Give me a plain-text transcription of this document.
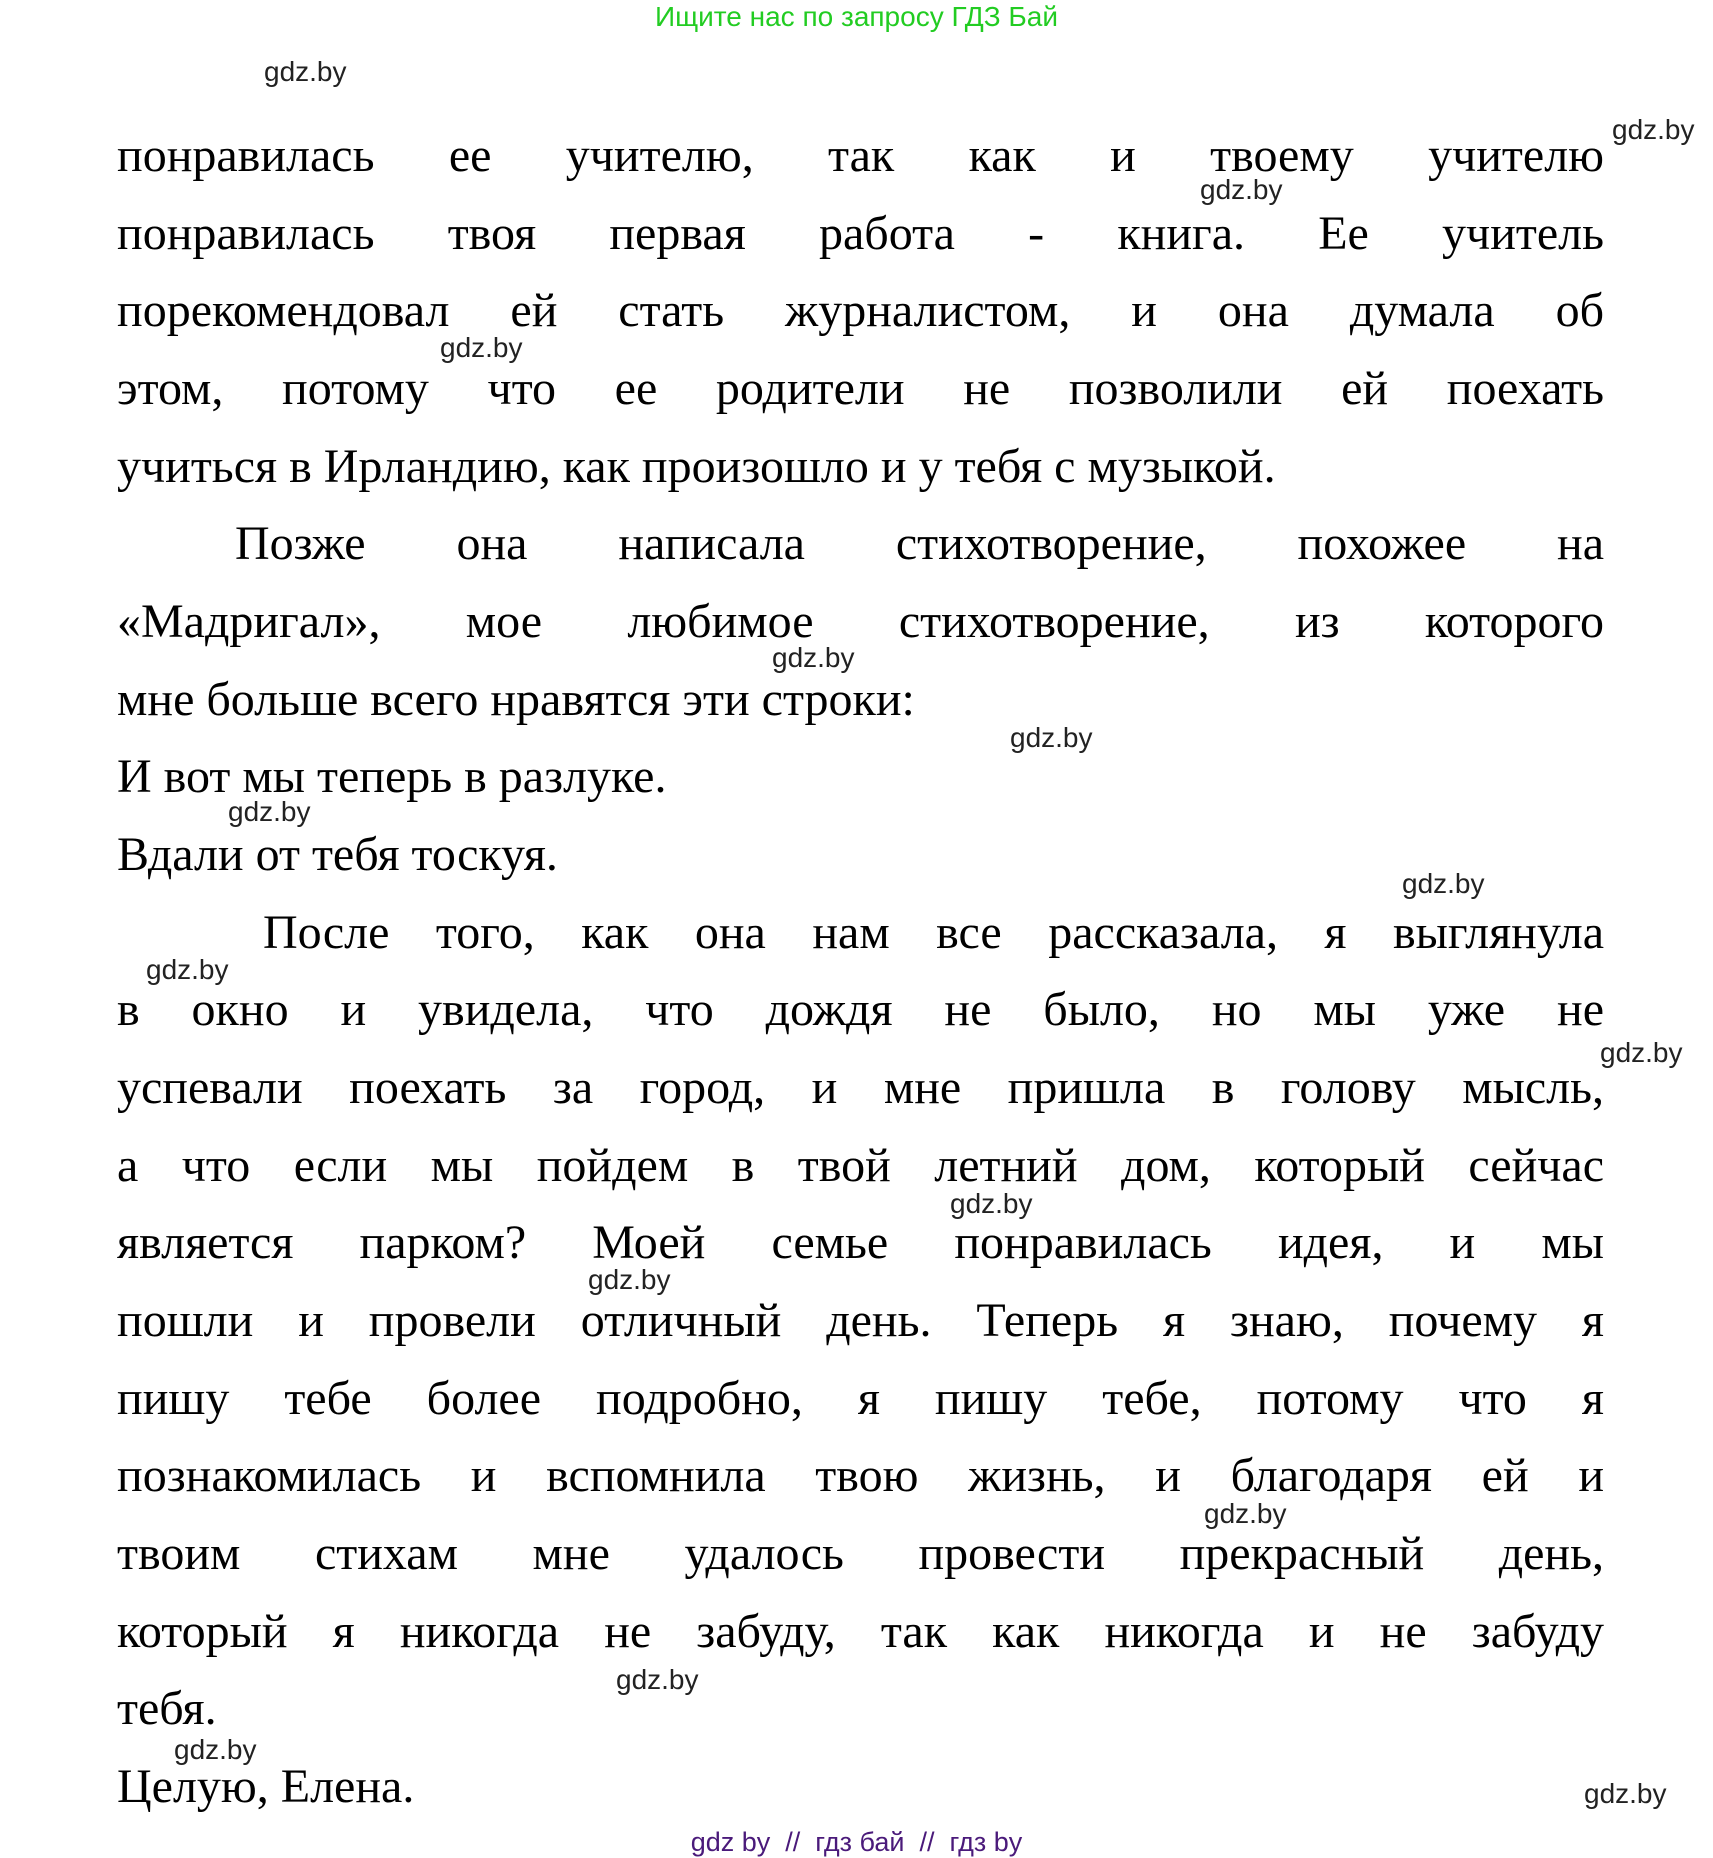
Ищите нас по запросу ГДЗ Бай
понравилась ее учителю, так как и твоему учителю
понравилась твоя первая работа - книга. Ее учитель
порекомендовал ей стать журналистом, и она думала об
этом, потому что ее родители не позволили ей поехать
учиться в Ирландию, как произошло и у тебя с музыкой.
Позже она написала стихотворение, похожее на
«Мадригал», мое любимое стихотворение, из которого
мне больше всего нравятся эти строки:
И вот мы теперь в разлуке.
Вдали от тебя тоскуя.
После того, как она нам все рассказала, я выглянула
в окно и увидела, что дождя не было, но мы уже не
успевали поехать за город, и мне пришла в голову мысль,
а что если мы пойдем в твой летний дом, который сейчас
является парком? Моей семье понравилась идея, и мы
пошли и провели отличный день. Теперь я знаю, почему я
пишу тебе более подробно, я пишу тебе, потому что я
познакомилась и вспомнила твою жизнь, и благодаря ей и
твоим стихам мне удалось провести прекрасный день,
который я никогда не забуду, так как никогда и не забуду
тебя.
Целую, Елена.
gdz.by
gdz.by
gdz.by
gdz.by
gdz.by
gdz.by
gdz.by
gdz.by
gdz.by
gdz.by
gdz.by
gdz.by
gdz.by
gdz.by
gdz.by
gdz.by
gdz by  //  гдз бай  //  гдз by
